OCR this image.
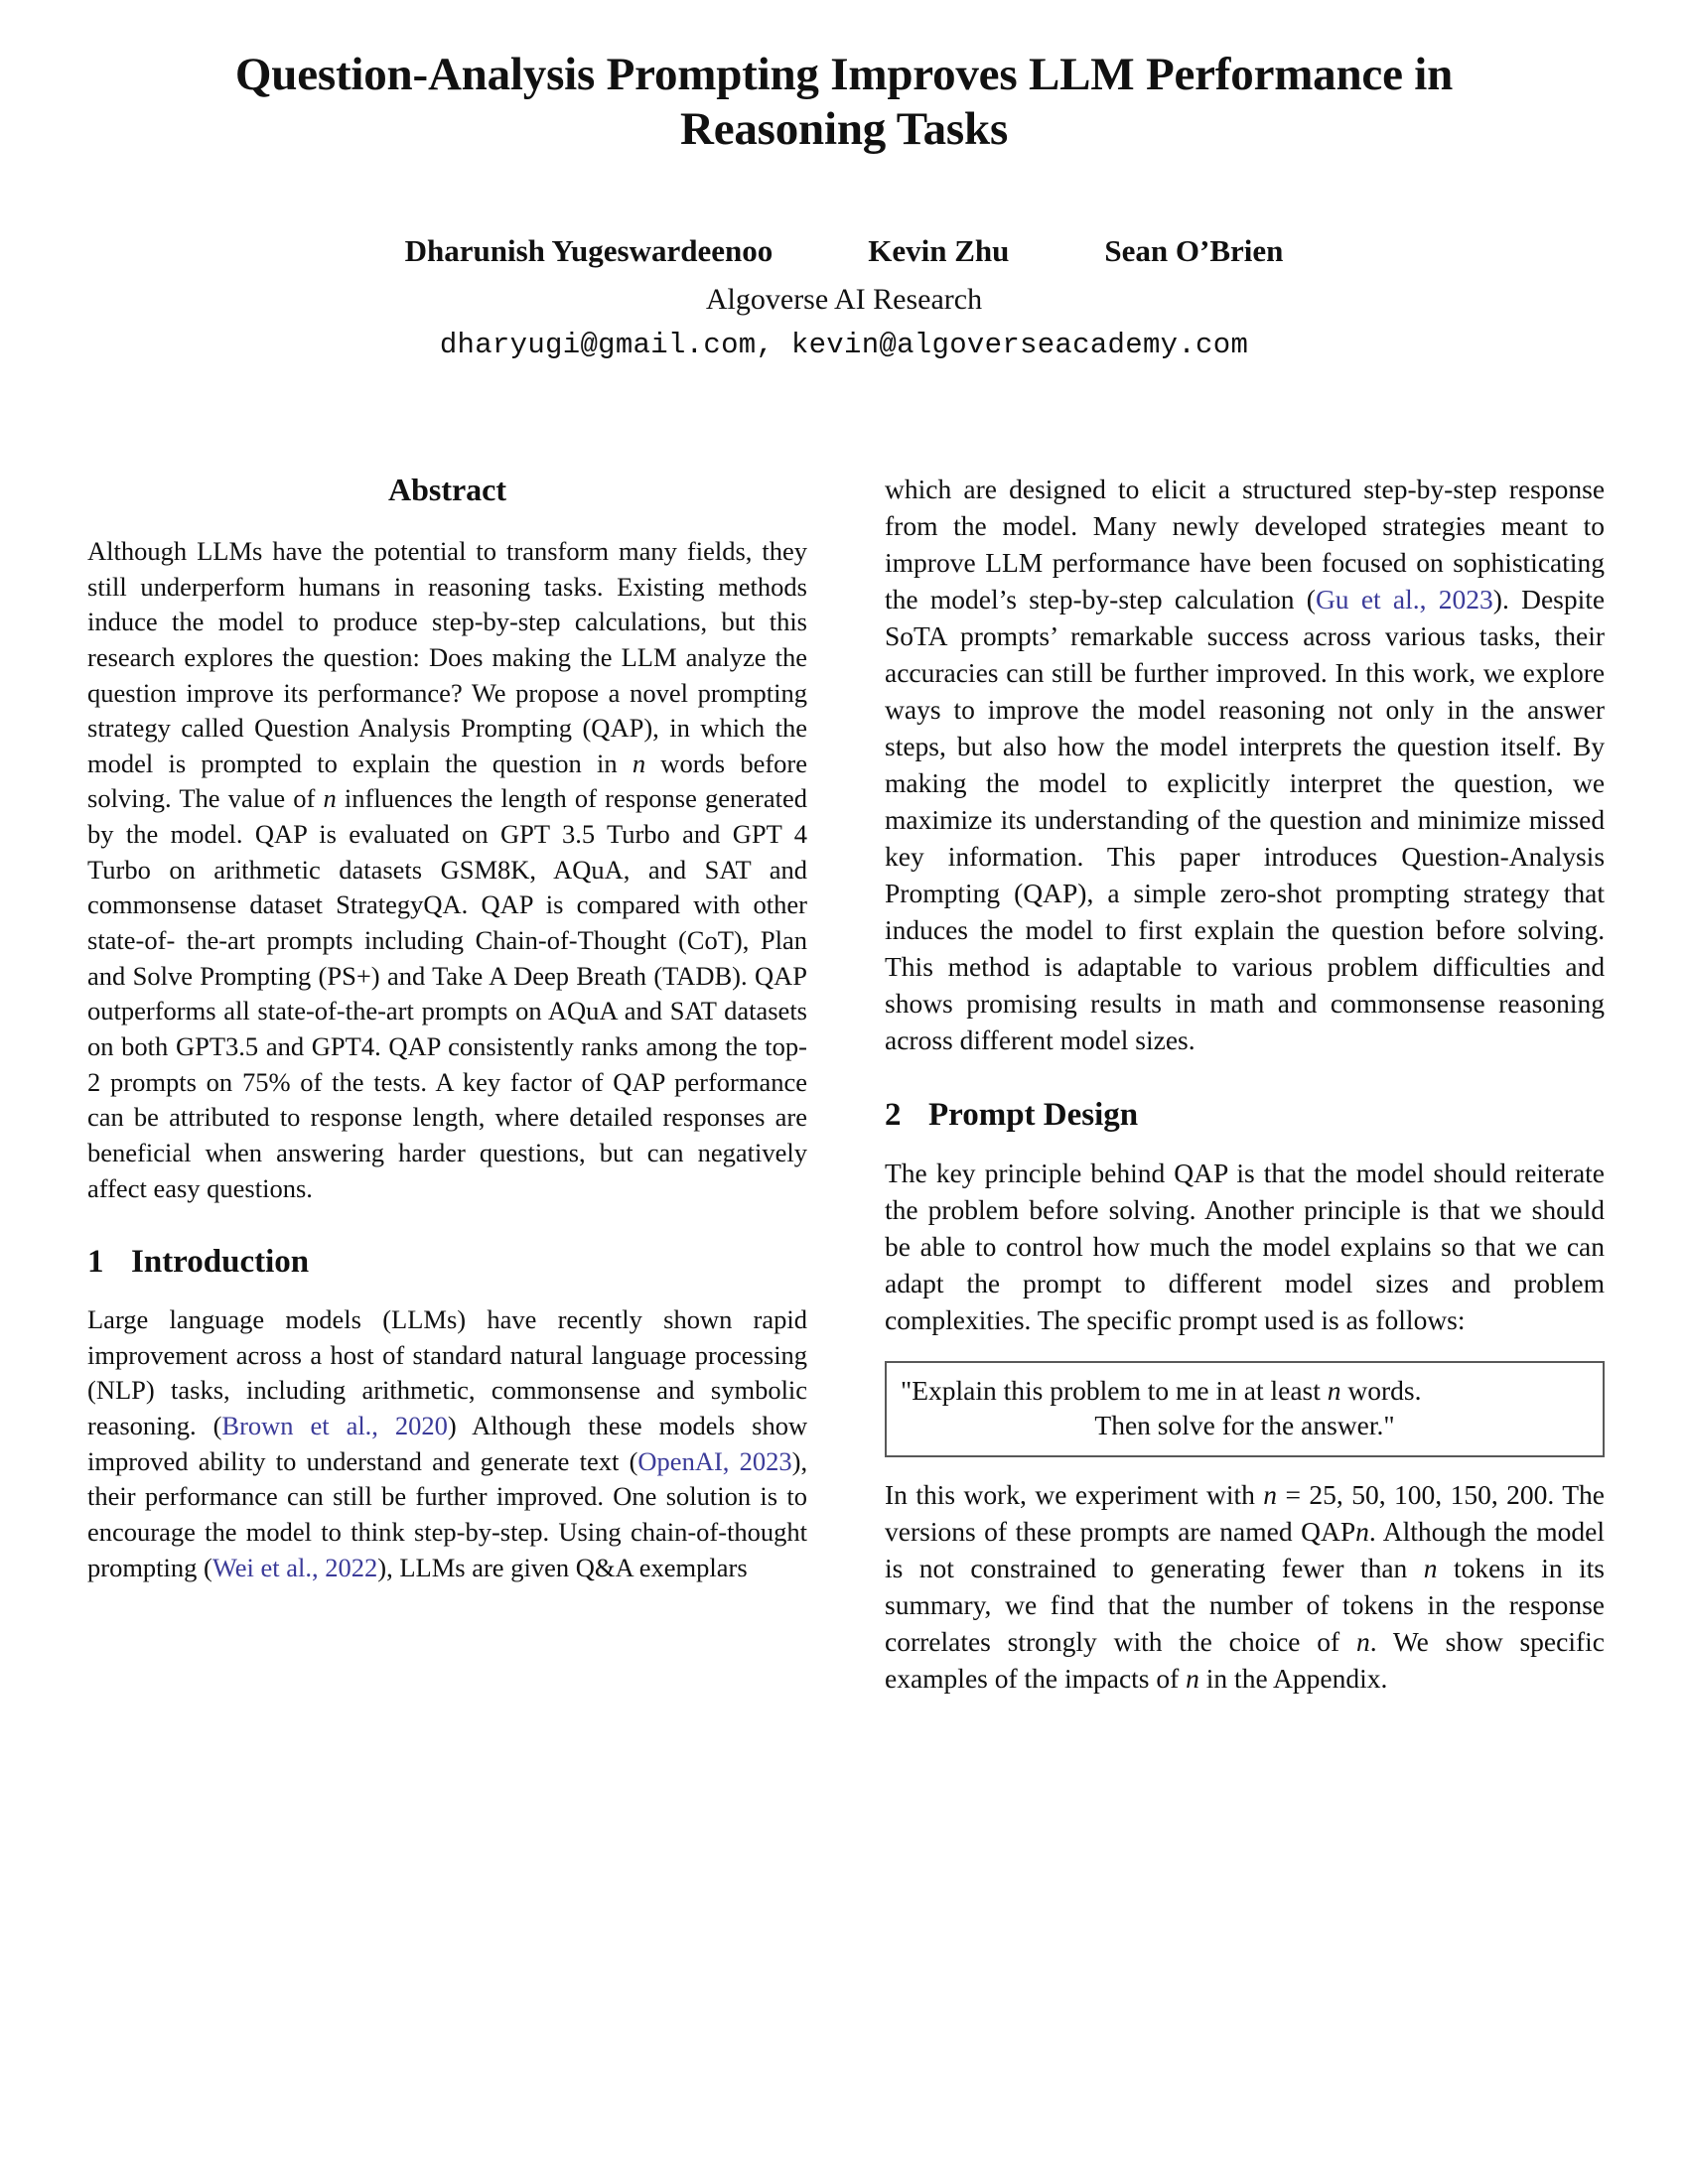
Question-Analysis Prompting Improves LLM Performance in Reasoning Tasks
Dharunish Yugeswardeenoo	Kevin Zhu	Sean O’Brien
Algoverse AI Research
dharyugi@gmail.com, kevin@algoverseacademy.com
Abstract

Although LLMs have the potential to transform many fields, they still underperform humans in reasoning tasks. Existing methods induce the model to produce step-by-step calculations, but this research explores the question: Does making the LLM analyze the question improve its performance? We propose a novel prompting strategy called Question Analysis Prompting (QAP), in which the model is prompted to explain the question in n words before solving. The value of n influences the length of response generated by the model. QAP is evaluated on GPT 3.5 Turbo and GPT 4 Turbo on arithmetic datasets GSM8K, AQuA, and SAT and commonsense dataset StrategyQA. QAP is compared with other state-of- the-art prompts including Chain-of-Thought (CoT), Plan and Solve Prompting (PS+) and Take A Deep Breath (TADB). QAP outperforms all state-of-the-art prompts on AQuA and SAT datasets on both GPT3.5 and GPT4. QAP consistently ranks among the top-2 prompts on 75% of the tests. A key factor of QAP performance can be attributed to response length, where detailed responses are beneficial when answering harder questions, but can negatively affect easy questions.

1 Introduction

Large language models (LLMs) have recently shown rapid improvement across a host of standard natural language processing (NLP) tasks, including arithmetic, commonsense and symbolic reasoning. (Brown et al., 2020) Although these models show improved ability to understand and generate text (OpenAI, 2023), their performance can still be further improved. One solution is to encourage the model to think step-by-step. Using chain-of-thought prompting (Wei et al., 2022), LLMs are given Q&A exemplars

which are designed to elicit a structured step-by-step response from the model. Many newly developed strategies meant to improve LLM performance have been focused on sophisticating the model’s step-by-step calculation (Gu et al., 2023). Despite SoTA prompts’ remarkable success across various tasks, their accuracies can still be further improved. In this work, we explore ways to improve the model reasoning not only in the answer steps, but also how the model interprets the question itself. By making the model to explicitly interpret the question, we maximize its understanding of the question and minimize missed key information. This paper introduces Question-Analysis Prompting (QAP), a simple zero-shot prompting strategy that induces the model to first explain the question before solving. This method is adaptable to various problem difficulties and shows promising results in math and commonsense reasoning across different model sizes.

2 Prompt Design

The key principle behind QAP is that the model should reiterate the problem before solving. Another principle is that we should be able to control how much the model explains so that we can adapt the prompt to different model sizes and problem complexities. The specific prompt used is as follows:

"Explain this problem to me in at least n words.
Then solve for the answer."

In this work, we experiment with n = 25, 50, 100, 150, 200. The versions of these prompts are named QAPn. Although the model is not constrained to generating fewer than n tokens in its summary, we find that the number of tokens in the response correlates strongly with the choice of n. We show specific examples of the impacts of n in the Appendix.
